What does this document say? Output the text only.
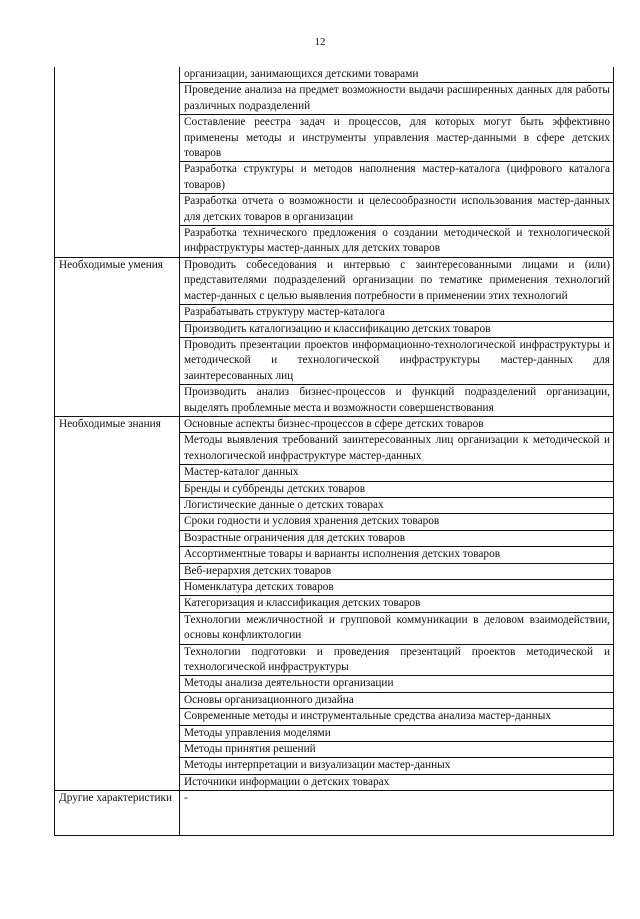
12
	организации, занимающихся детскими товарами
	Проведение анализа на предмет возможности выдачи расширенных данных для работы различных подразделений
	Составление реестра задач и процессов, для которых могут быть эффективно применены методы и инструменты управления мастер-данными в сфере детских товаров
	Разработка структуры и методов наполнения мастер-каталога (цифрового каталога товаров)
	Разработка отчета о возможности и целесообразности использования мастер-данных для детских товаров в организации
	Разработка технического предложения о создании методической и технологической инфраструктуры мастер-данных для детских товаров

Необходимые умения	Проводить собеседования и интервью с заинтересованными лицами и (или) представителями подразделений организации по тематике применения технологий мастер-данных с целью выявления потребности в применении этих технологий
	Разрабатывать структуру мастер-каталога
	Производить каталогизацию и классификацию детских товаров
	Проводить презентации проектов информационно-технологической инфраструктуры и методической и технологической инфраструктуры мастер-данных для заинтересованных лиц
	Производить анализ бизнес-процессов и функций подразделений организации, выделять проблемные места и возможности совершенствования

Необходимые знания	Основные аспекты бизнес-процессов в сфере детских товаров
	Методы выявления требований заинтересованных лиц организации к методической и технологической инфраструктуре мастер-данных
	Мастер-каталог данных
	Бренды и суббренды детских товаров
	Логистические данные о детских товарах
	Сроки годности и условия хранения детских товаров
	Возрастные ограничения для детских товаров
	Ассортиментные товары и варианты исполнения детских товаров
	Веб-иерархия детских товаров
	Номенклатура детских товаров
	Категоризация и классификация детских товаров
	Технологии межличностной и групповой коммуникации в деловом взаимодействии, основы конфликтологии
	Технологии подготовки и проведения презентаций проектов методической и технологической инфраструктуры
	Методы анализа деятельности организации
	Основы организационного дизайна
	Современные методы и инструментальные средства анализа мастер-данных
	Методы управления моделями
	Методы принятия решений
	Методы интерпретации и визуализации мастер-данных
	Источники информации о детских товарах

Другие характеристики	-
